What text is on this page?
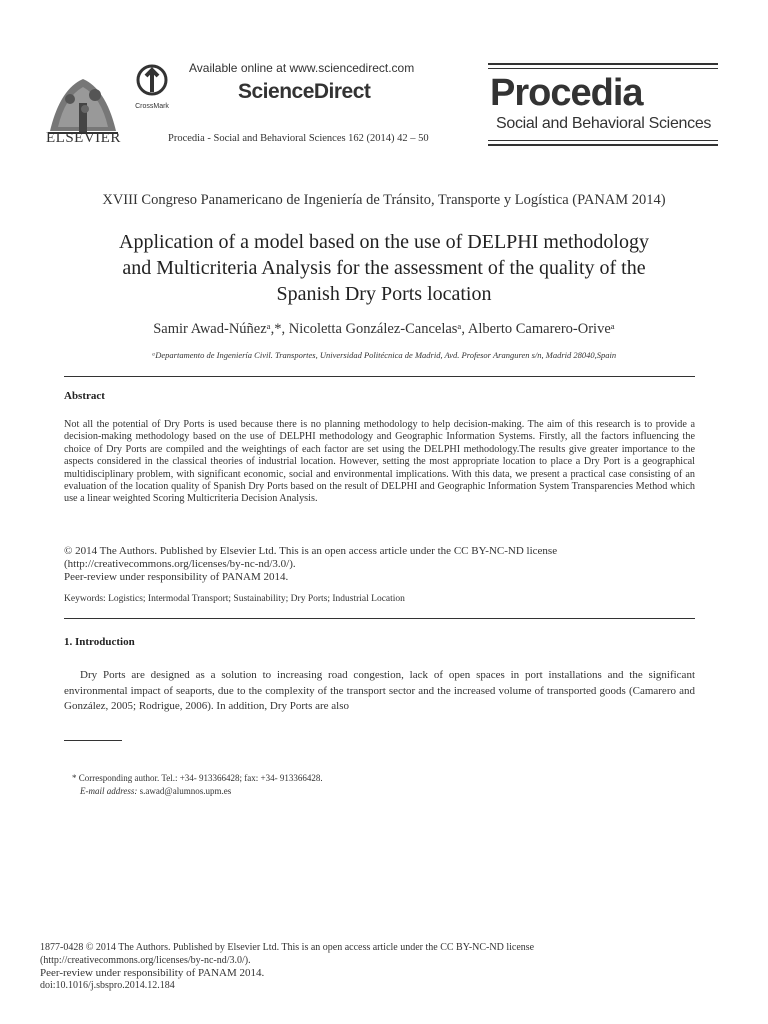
ELSEVIER
CrossMark
Available online at www.sciencedirect.com
ScienceDirect
Procedia - Social and Behavioral Sciences 162 (2014) 42 – 50
Procedia
Social and Behavioral Sciences
XVIII Congreso Panamericano de Ingeniería de Tránsito, Transporte y Logística (PANAM 2014)
Application of a model based on the use of DELPHI methodology
and Multicriteria Analysis for the assessment of the quality of the
Spanish Dry Ports location
Samir Awad-Núñezᵃ,*, Nicoletta González-Cancelasᵃ, Alberto Camarero-Oriveᵃ
ᵃDepartamento de Ingeniería Civil. Transportes, Universidad Politécnica de Madrid, Avd. Profesor Aranguren s/n, Madrid 28040,Spain
Abstract
Not all the potential of Dry Ports is used because there is no planning methodology to help decision-making. The aim of this research is to provide a decision-making methodology based on the use of DELPHI methodology and Geographic Information Systems. Firstly, all the factors influencing the choice of Dry Ports are compiled and the weightings of each factor are set using the DELPHI methodology.The results give greater importance to the aspects considered in the classical theories of industrial location. However, setting the most appropriate location to place a Dry Port is a geographical multidisciplinary problem, with significant economic, social and environmental implications. With this data, we present a practical case consisting of an evaluation of the location quality of Spanish Dry Ports based on the result of DELPHI and Geographic Information System Transparencies Method which use a linear weighted Scoring Multicriteria Decision Analysis.
© 2014 The Authors. Published by Elsevier Ltd. This is an open access article under the CC BY-NC-ND license
(http://creativecommons.org/licenses/by-nc-nd/3.0/).
Peer-review under responsibility of PANAM 2014.
Keywords: Logistics; Intermodal Transport; Sustainability; Dry Ports; Industrial Location
1. Introduction
Dry Ports are designed as a solution to increasing road congestion, lack of open spaces in port installations and the significant environmental impact of seaports, due to the complexity of the transport sector and the increased volume of transported goods (Camarero and González, 2005; Rodrigue, 2006). In addition, Dry Ports are also
* Corresponding author. Tel.: +34- 913366428; fax: +34- 913366428.
E-mail address: s.awad@alumnos.upm.es
1877-0428 © 2014 The Authors. Published by Elsevier Ltd. This is an open access article under the CC BY-NC-ND license
(http://creativecommons.org/licenses/by-nc-nd/3.0/).
Peer-review under responsibility of PANAM 2014.
doi:10.1016/j.sbspro.2014.12.184
